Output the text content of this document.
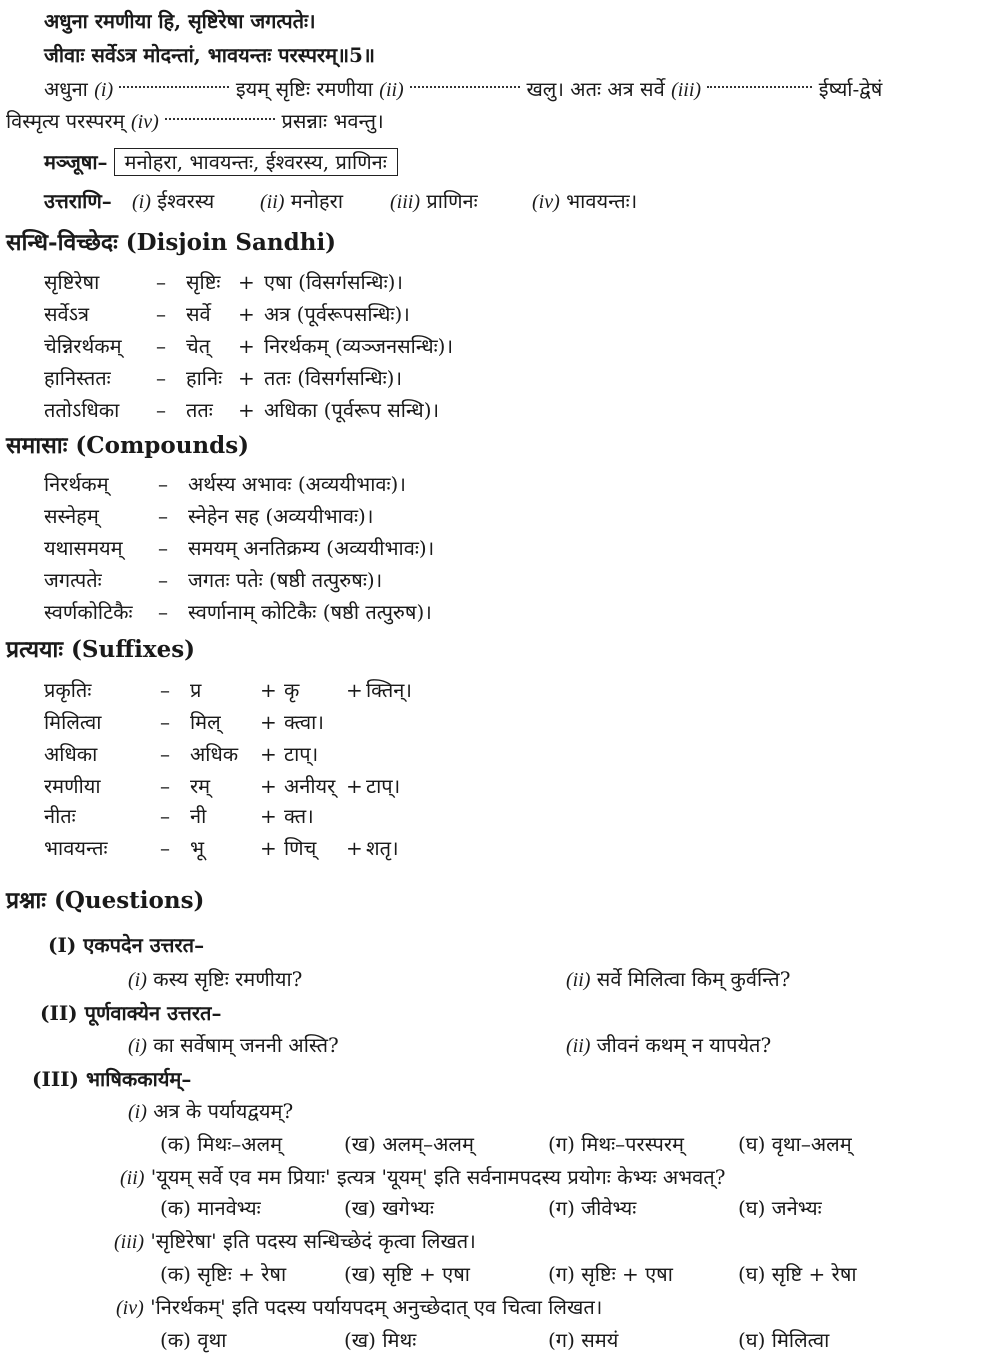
अधुना रमणीया हि, सृष्टिरेषा जगत्पतेः।
जीवाः सर्वेऽत्र मोदन्तां, भावयन्तः परस्परम्॥5॥
अधुना (i)	इयम् सृष्टिः रमणीया (ii)	खलु। अतः अत्र सर्वे (iii)	ईर्ष्या-द्वेषं
विस्मृत्य परस्परम् (iv)	प्रसन्नाः भवन्तु।
मञ्जूषा– मनोहरा, भावयन्तः, ईश्वरस्य, प्राणिनः
उत्तराणि– (i) ईश्वरस्य (ii) मनोहरा (iii) प्राणिनः	(iv) भावयन्तः।
सन्धि-विच्छेदः (Disjoin Sandhi)
सृष्टिरेषा	– सृष्टिः + एषा (विसर्गसन्धिः)।
सर्वेऽत्र	– सर्वे + अत्र (पूर्वरूपसन्धिः)।
चेन्निरर्थकम् – चेत् + निरर्थकम् (व्यञ्जनसन्धिः)।
हानिस्ततः – हानिः + ततः (विसर्गसन्धिः)।
ततोऽधिका – ततः + अधिका (पूर्वरूप सन्धि)।
समासाः (Compounds)
निरर्थकम् – अर्थस्य अभावः (अव्ययीभावः)।
सस्नेहम्	– स्नेहेन सह (अव्ययीभावः)।
यथासमयम् – समयम् अनतिक्रम्य (अव्ययीभावः)।
जगत्पतेः	– जगतः पतेः (षष्ठी तत्पुरुषः)।
स्वर्णकोटिकैः – स्वर्णानाम् कोटिकैः (षष्ठी तत्पुरुष)।
प्रत्ययाः (Suffixes)
प्रकृतिः	– प्र	+ कृ + क्तिन्।
मिलित्वा	– मिल् + क्त्वा।
अधिका	– अधिक + टाप्।
रमणीया	– रम् + अनीयर् + टाप्।
नीतः	– नी	+ क्त।
भावयन्तः	– भू	+ णिच् + शतृ।
प्रश्नाः (Questions)
(I) एकपदेन उत्तरत–
(i) कस्य सृष्टिः रमणीया?	(ii) सर्वे मिलित्वा किम् कुर्वन्ति?
(II) पूर्णवाक्येन उत्तरत–
(i) का सर्वेषाम् जननी अस्ति?	(ii) जीवनं कथम् न यापयेत?
(III) भाषिककार्यम्–
(i) अत्र के पर्यायद्वयम्?
(क) मिथः–अलम्	(ख) अलम्–अलम्	(ग) मिथः–परस्परम्	(घ) वृथा–अलम्
(ii) 'यूयम् सर्वे एव मम प्रियाः' इत्यत्र 'यूयम्' इति सर्वनामपदस्य प्रयोगः केभ्यः अभवत्?
(क) मानवेभ्यः	(ख) खगेभ्यः	(ग) जीवेभ्यः	(घ) जनेभ्यः
(iii) 'सृष्टिरेषा' इति पदस्य सन्धिच्छेदं कृत्वा लिखत।
(क) सृष्टिः + रेषा	(ख) सृष्टि + एषा	(ग) सृष्टिः + एषा	(घ) सृष्टि + रेषा
(iv) 'निरर्थकम्' इति पदस्य पर्यायपदम् अनुच्छेदात् एव चित्वा लिखत।
(क) वृथा	(ख) मिथः	(ग) समयं	(घ) मिलित्वा
